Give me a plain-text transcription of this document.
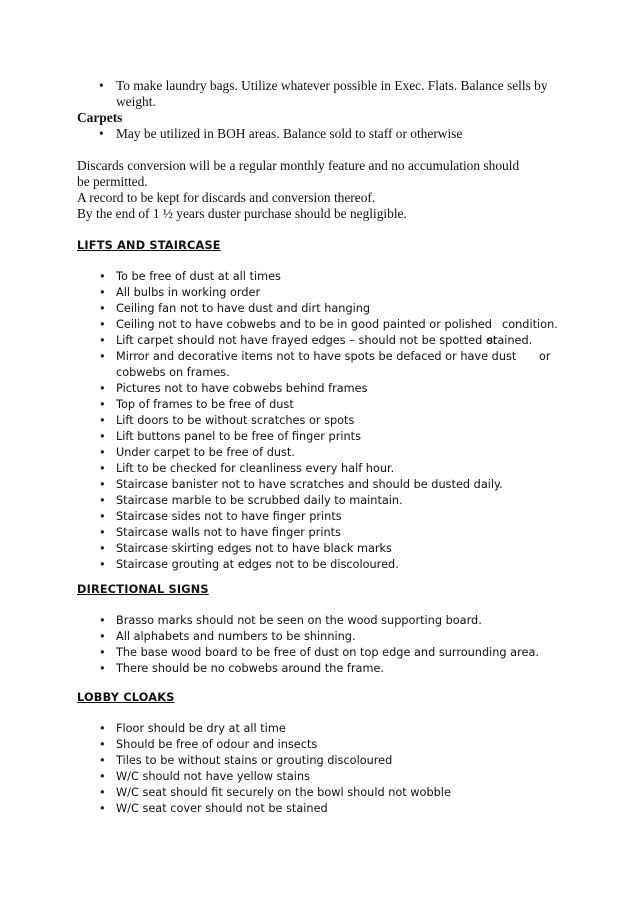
• To make laundry bags. Utilize whatever possible in Exec. Flats. Balance sells by weight.

Carpets

• May be utilized in BOH areas. Balance sold to staff or otherwise

Discards conversion will be a regular monthly feature and no accumulation should

be permitted.

A record to be kept for discards and conversion thereof.

By the end of 1 ½ years duster purchase should be negligible.

LIFTS AND STAIRCASE

• To be free of dust at all times
• All bulbs in working order
• Ceiling fan not to have dust and dirt hanging
• Ceiling not to have cobwebs and to be in good painted or polished condition.
• Lift carpet should not have frayed edges – should not be spotted or
stained.
• Mirror and decorative items not to have spots be defaced or have dust or

cobwebs on frames.
• Pictures not to have cobwebs behind frames
• Top of frames to be free of dust
• Lift doors to be without scratches or spots
• Lift buttons panel to be free of finger prints
• Under carpet to be free of dust.
• Lift to be checked for cleanliness every half hour.
• Staircase banister not to have scratches and should be dusted daily.
• Staircase marble to be scrubbed daily to maintain.
• Staircase sides not to have finger prints
• Staircase walls not to have finger prints
• Staircase skirting edges not to have black marks
• Staircase grouting at edges not to be discoloured.

DIRECTIONAL SIGNS

• Brasso marks should not be seen on the wood supporting board.
• All alphabets and numbers to be shinning.
• The base wood board to be free of dust on top edge and surrounding area.
• There should be no cobwebs around the frame.

LOBBY CLOAKS

• Floor should be dry at all time
• Should be free of odour and insects
• Tiles to be without stains or grouting discoloured
• W/C should not have yellow stains
• W/C seat should fit securely on the bowl should not wobble
• W/C seat cover should not be stained
